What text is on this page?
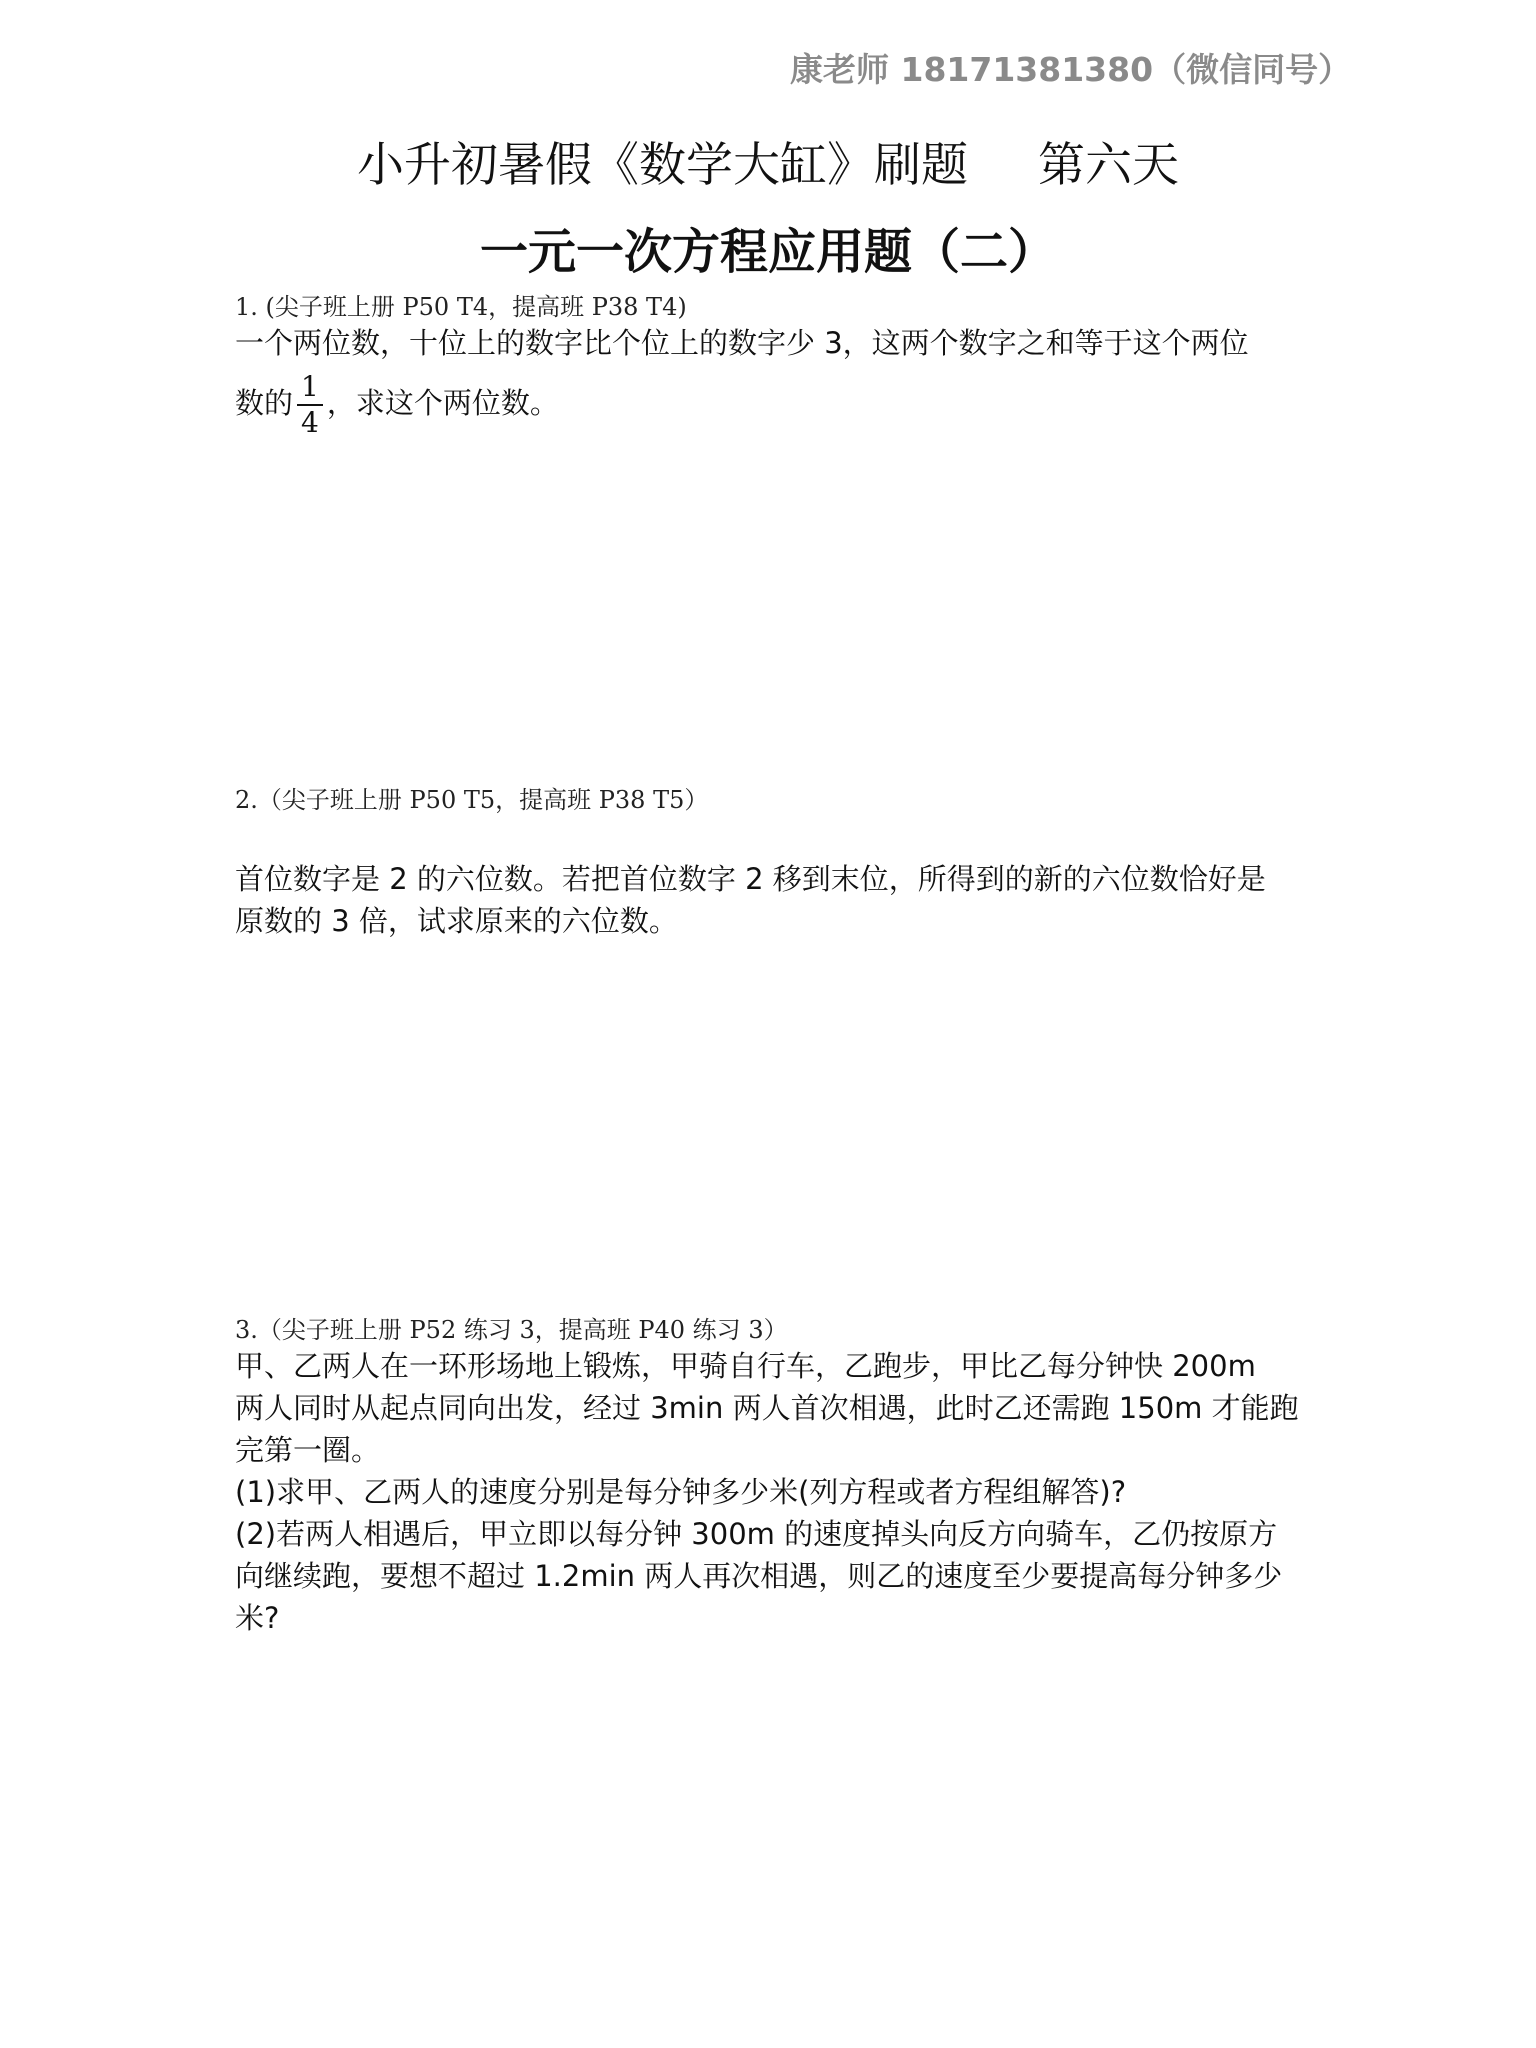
康老师 18171381380（微信同号）
小升初暑假《数学大缸》刷题 第六天
一元一次方程应用题（二）
1. (尖子班上册 P50 T4，提高班 P38 T4)
一个两位数，十位上的数字比个位上的数字少 3，这两个数字之和等于这个两位
数的 $\frac{1}{4}$ ，求这个两位数。
2.（尖子班上册 P50 T5，提高班 P38 T5）
首位数字是 2 的六位数。若把首位数字 2 移到末位，所得到的新的六位数恰好是
原数的 3 倍，试求原来的六位数。
3.（尖子班上册 P52 练习 3，提高班 P40 练习 3）
甲、乙两人在一环形场地上锻炼，甲骑自行车，乙跑步，甲比乙每分钟快 200m
两人同时从起点同向出发，经过 3min 两人首次相遇，此时乙还需跑 150m 才能跑
完第一圈。
(1)求甲、乙两人的速度分别是每分钟多少米(列方程或者方程组解答)?
(2)若两人相遇后，甲立即以每分钟 300m 的速度掉头向反方向骑车，乙仍按原方
向继续跑，要想不超过 1.2min 两人再次相遇，则乙的速度至少要提高每分钟多少
米?
